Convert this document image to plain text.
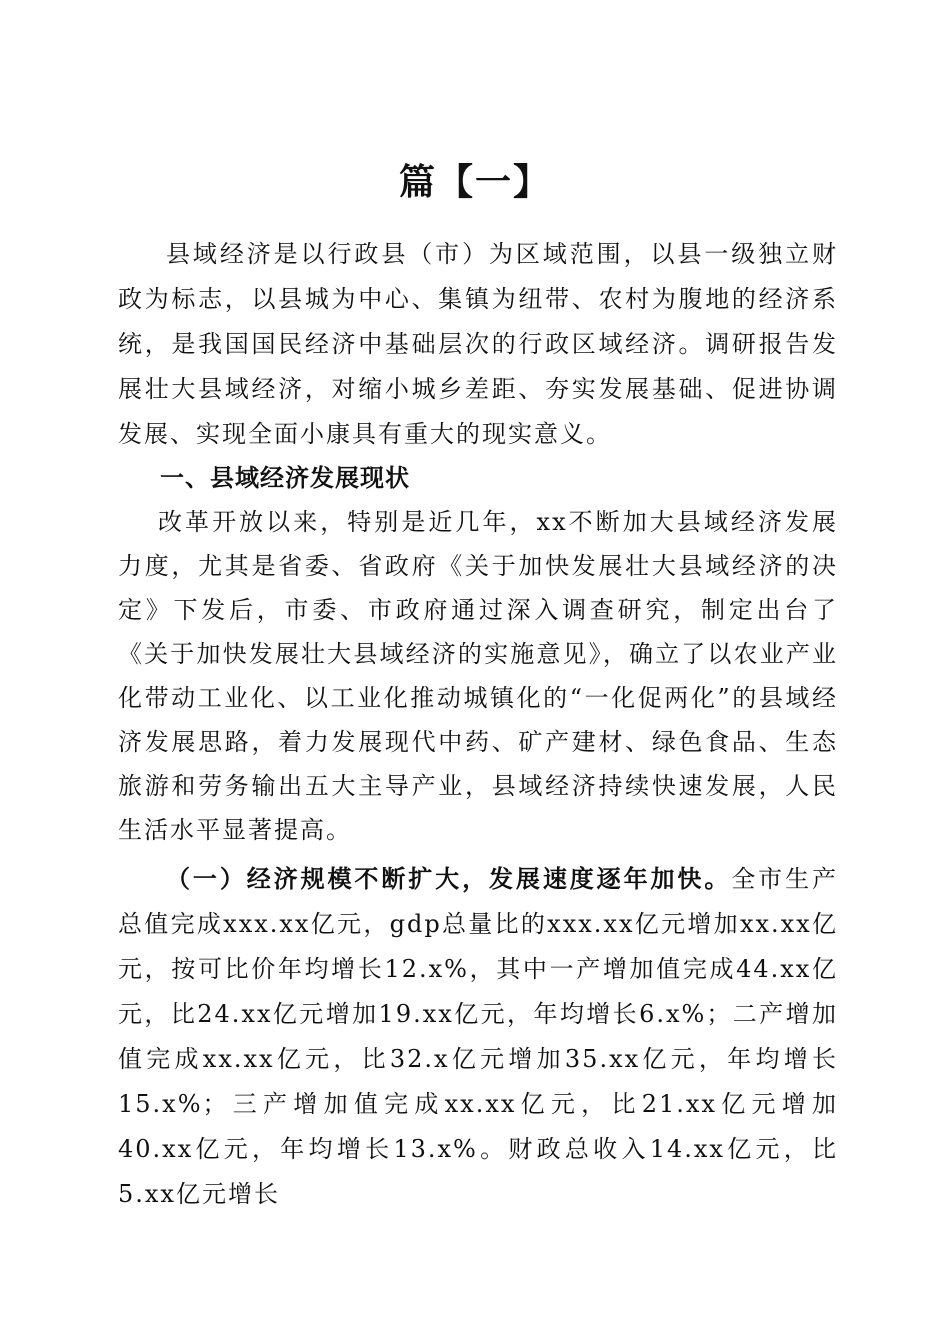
篇【一】

县域经济是以行政县（市）为区域范围，以县一级独立财政为标志，以县城为中心、集镇为纽带、农村为腹地的经济系统，是我国国民经济中基础层次的行政区域经济。调研报告发展壮大县域经济，对缩小城乡差距、夯实发展基础、促进协调发展、实现全面小康具有重大的现实意义。

一、县域经济发展现状

改革开放以来，特别是近几年，xx不断加大县域经济发展力度，尤其是省委、省政府《关于加快发展壮大县域经济的决定》下发后，市委、市政府通过深入调查研究，制定出台了《关于加快发展壮大县域经济的实施意见》，确立了以农业产业化带动工业化、以工业化推动城镇化的“一化促两化”的县域经济发展思路，着力发展现代中药、矿产建材、绿色食品、生态旅游和劳务输出五大主导产业，县域经济持续快速发展，人民生活水平显著提高。

（一）经济规模不断扩大，发展速度逐年加快。全市生产总值完成xxx.xx亿元，gdp总量比的xxx.xx亿元增加xx.xx亿元，按可比价年均增长12.x%，其中一产增加值完成44.xx亿元，比24.xx亿元增加19.xx亿元，年均增长6.x%；二产增加值完成xx.xx亿元，比32.x亿元增加35.xx亿元，年均增长15.x%；三产增加值完成xx.xx亿元，比21.xx亿元增加40.xx亿元，年均增长13.x%。财政总收入14.xx亿元，比5.xx亿元增长
